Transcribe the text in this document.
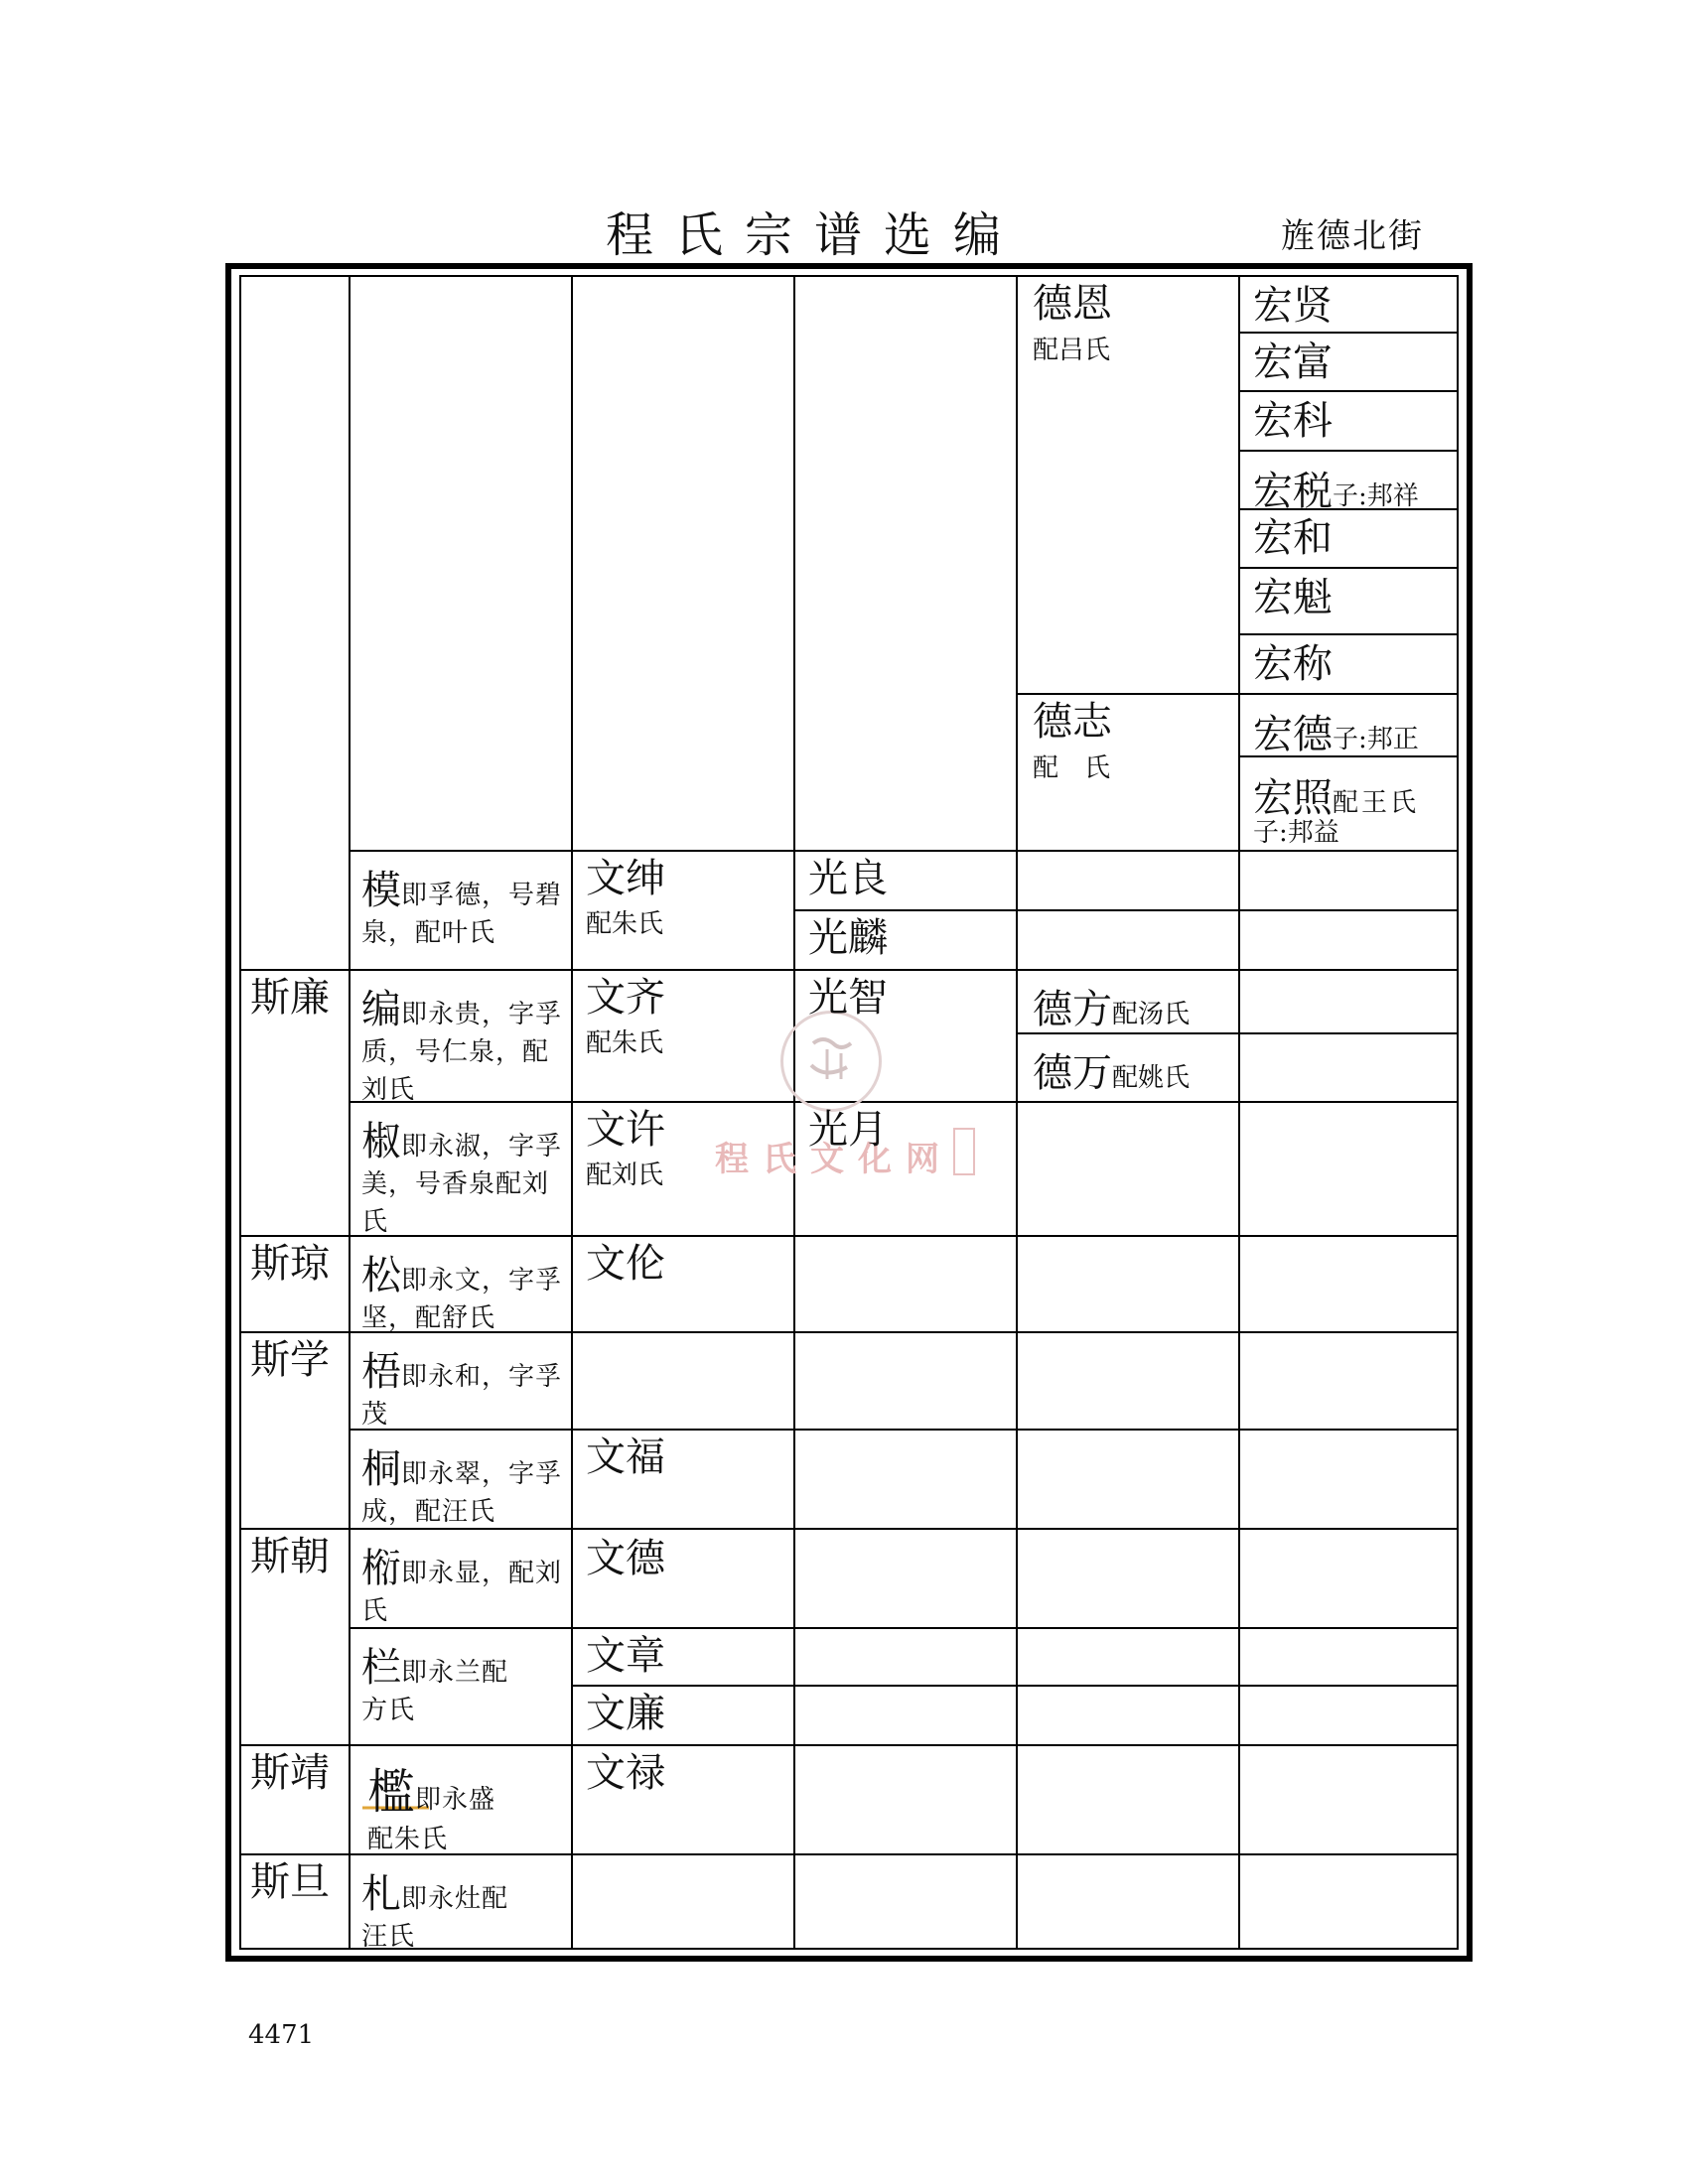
程氏宗谱选编	旌德北街
程氏文化网
斯廉
斯琼
斯学
斯朝
斯靖
斯旦
模即孚德，号碧泉，配叶氏
编即永贵，字孚质，号仁泉，配刘氏
椒即永淑，字孚美，号香泉配刘氏
松即永文，字孚坚，配舒氏
梧即永和，字孚茂
桐即永翠，字孚成，配汪氏
椼即永显，配刘氏
栏即永兰配方氏
檻即永盛配朱氏
札即永灶配汪氏
文绅
配朱氏
文齐
配朱氏
文许
配刘氏
文伦
文福
文德
文章
文廉
文禄
光良
光麟
光智
光月
德恩
配吕氏
德志
配　氏
德方配汤氏
德万配姚氏
宏贤
宏富
宏科
宏税子:邦祥
宏和
宏魁
宏称
宏德子:邦正
宏照配王氏
子:邦益
4471
